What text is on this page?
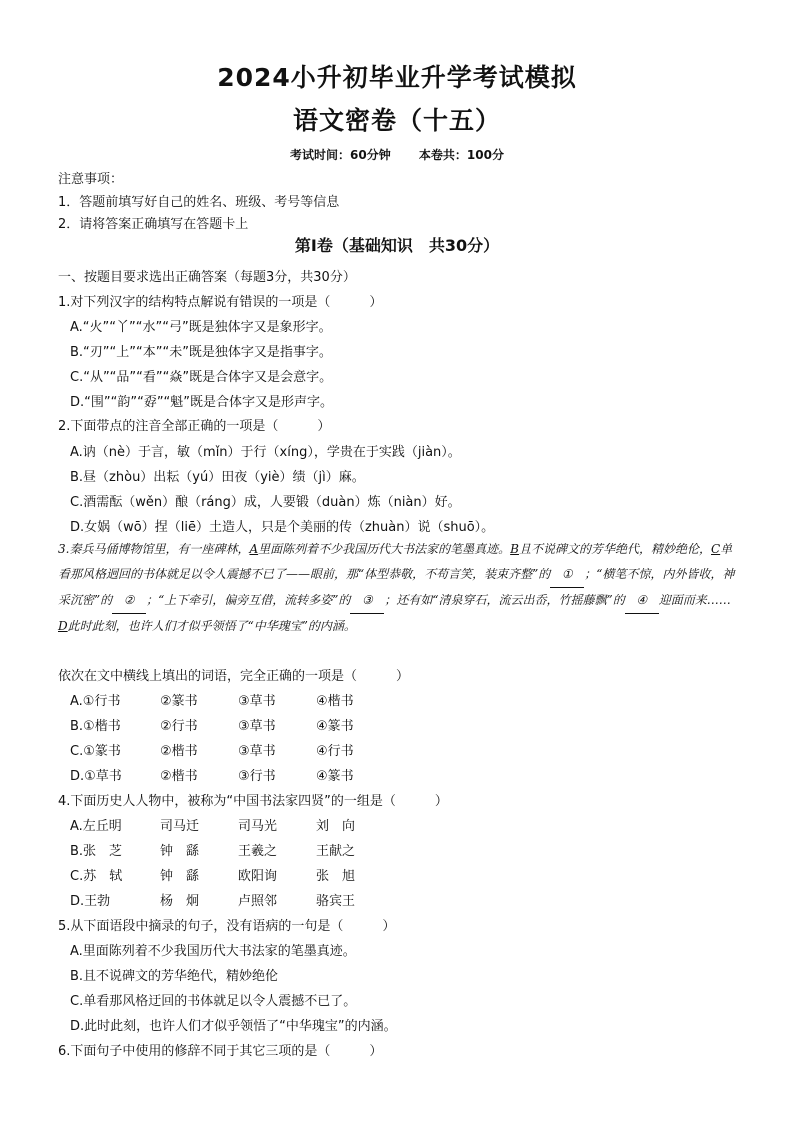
2024小升初毕业升学考试模拟
语文密卷（十五）
考试时间：60分钟 本卷共：100分
注意事项：
1．答题前填写好自己的姓名、班级、考号等信息
2．请将答案正确填写在答题卡上
第Ⅰ卷（基础知识　共30分）
一、按题目要求选出正确答案（每题3分，共30分）
1.对下列汉字的结构特点解说有错误的一项是（　　　）
A.“火”“丫”“水”“弓”既是独体字又是象形字。
B.“刃”“上”“本”“未”既是独体字又是指事字。
C.“从”“品”“看”“焱”既是合体字又是会意字。
D.“围”“韵”“孬”“魁”既是合体字又是形声字。
2.下面带点的注音全部正确的一项是（　　　）
A.讷（nè）于言，敏（mǐn）于行（xíng），学贵在于实践（jiàn）。
B.昼（zhòu）出耘（yú）田夜（yiè）绩（jì）麻。
C.酒需酝（wěn）酿（ráng）成，人要锻（duàn）炼（niàn）好。
D.女娲（wō）捏（liē）土造人，只是个美丽的传（zhuàn）说（shuō）。
3.秦兵马俑博物馆里，有一座碑林，A里面陈列着不少我国历代大书法家的笔墨真迹。B且不说碑文的芳华绝代，精妙绝伦，C单看那风格迥回的书体就足以令人震撼不已了——眼前，那“体型恭敬，不苟言笑，装束齐整”的 ① ；“横笔不惊，内外皆收，神采沉密”的 ② ；“上下牵引，偏旁互借，流转多姿”的 ③ ；还有如“清泉穿石，流云出岙，竹摇藤飘”的 ④ 迎面而来……D此时此刻，也许人们才似乎领悟了“中华瑰宝”的内涵。
依次在文中横线上填出的词语，完全正确的一项是（　　　）
A.①行书	②篆书	③草书	④楷书
B.①楷书	②行书	③草书	④篆书
C.①篆书	②楷书	③草书	④行书
D.①草书	②楷书	③行书	④篆书
4.下面历史人人物中，被称为“中国书法家四贤”的一组是（　　　）
A.左丘明	司马迁	司马光	刘　向
B.张　芝	钟　繇	王羲之	王献之
C.苏　轼	钟　繇	欧阳询	张　旭
D.王勃	杨　炯	卢照邻	骆宾王
5.从下面语段中摘录的句子，没有语病的一句是（　　　）
A.里面陈列着不少我国历代大书法家的笔墨真迹。
B.且不说碑文的芳华绝代，精妙绝伦
C.单看那风格迂回的书体就足以令人震撼不已了。
D.此时此刻，也许人们才似乎领悟了“中华瑰宝”的内涵。
6.下面句子中使用的修辞不同于其它三项的是（　　　）
